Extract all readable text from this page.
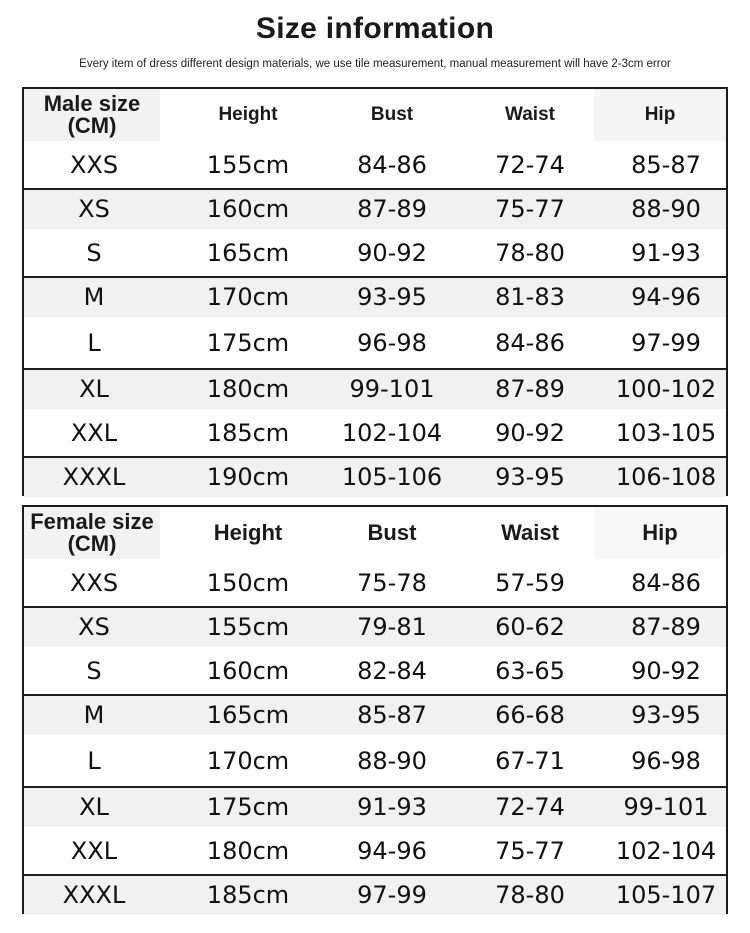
Size information
Every item of dress different design materials, we use tile measurement, manual measurement will have 2-3cm error
Male size
(CM)	Height	Bust	Waist	Hip
XXS	155cm	84-86	72-74	85-87
XS	160cm	87-89	75-77	88-90
S	165cm	90-92	78-80	91-93
M	170cm	93-95	81-83	94-96
L	175cm	96-98	84-86	97-99
XL	180cm	99-101	87-89	100-102
XXL	185cm	102-104	90-92	103-105
XXXL	190cm	105-106	93-95	106-108
Female size
(CM)	Height	Bust	Waist	Hip
XXS	150cm	75-78	57-59	84-86
XS	155cm	79-81	60-62	87-89
S	160cm	82-84	63-65	90-92
M	165cm	85-87	66-68	93-95
L	170cm	88-90	67-71	96-98
XL	175cm	91-93	72-74	99-101
XXL	180cm	94-96	75-77	102-104
XXXL	185cm	97-99	78-80	105-107
